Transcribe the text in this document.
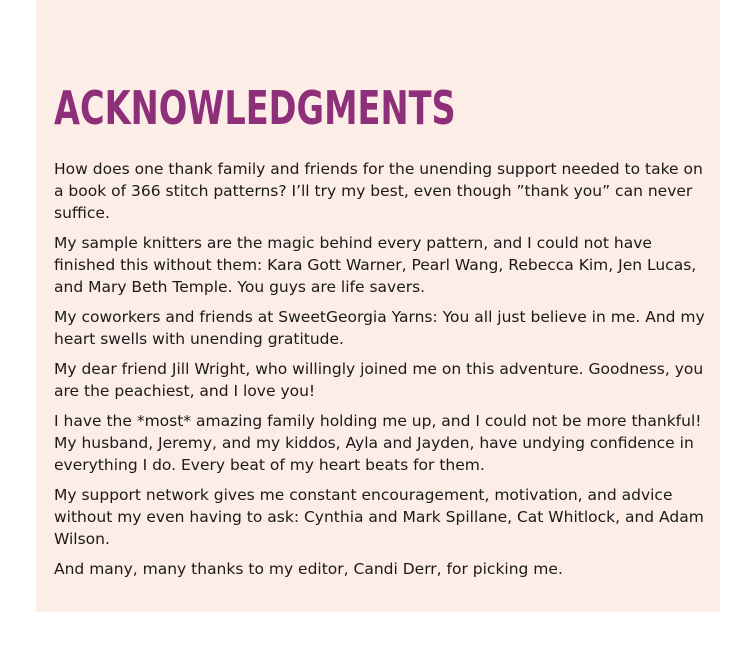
ACKNOWLEDGMENTS

How does one thank family and friends for the unending support needed to take on a book of 366 stitch patterns? I’ll try my best, even though ”thank you” can never suffice.

My sample knitters are the magic behind every pattern, and I could not have finished this without them: Kara Gott Warner, Pearl Wang, Rebecca Kim, Jen Lucas, and Mary Beth Temple. You guys are life savers.

My coworkers and friends at SweetGeorgia Yarns: You all just believe in me. And my heart swells with unending gratitude.

My dear friend Jill Wright, who willingly joined me on this adventure. Goodness, you are the peachiest, and I love you!

I have the *most* amazing family holding me up, and I could not be more thankful! My husband, Jeremy, and my kiddos, Ayla and Jayden, have undying confidence in everything I do. Every beat of my heart beats for them.

My support network gives me constant encouragement, motivation, and advice without my even having to ask: Cynthia and Mark Spillane, Cat Whitlock, and Adam Wilson.

And many, many thanks to my editor, Candi Derr, for picking me.
